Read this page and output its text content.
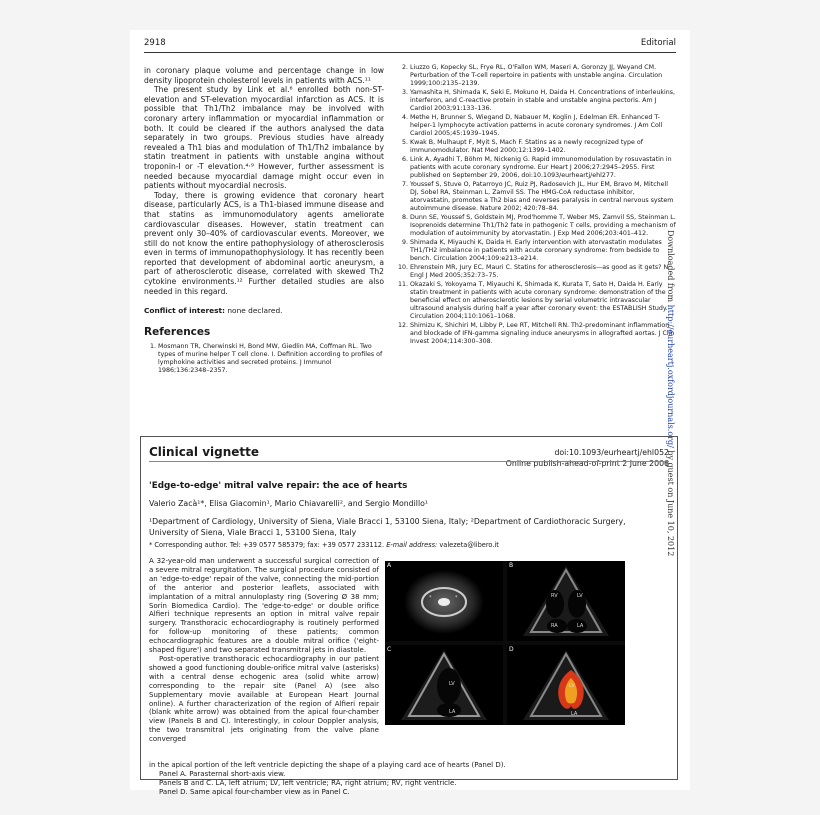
2918	Editorial

in coronary plaque volume and percentage change in low density lipoprotein cholesterol levels in patients with ACS.¹¹

The present study by Link et al.⁶ enrolled both non-ST-elevation and ST-elevation myocardial infarction as ACS. It is possible that Th1/Th2 imbalance may be involved with coronary artery inflammation or myocardial inflammation or both. It could be cleared if the authors analysed the data separately in two groups. Previous studies have already revealed a Th1 bias and modulation of Th1/Th2 imbalance by statin treatment in patients with unstable angina without troponin-I or -T elevation.⁴·⁹ However, further assessment is needed because myocardial damage might occur even in patients without myocardial necrosis.

Today, there is growing evidence that coronary heart disease, particularly ACS, is a Th1-biased immune disease and that statins as immunomodulatory agents ameliorate cardiovascular diseases. However, statin treatment can prevent only 30–40% of cardiovascular events. Moreover, we still do not know the entire pathophysiology of atherosclerosis even in terms of immunopathophysiology. It has recently been reported that development of abdominal aortic aneurysm, a part of atherosclerotic disease, correlated with skewed Th2 cytokine environments.¹² Further detailed studies are also needed in this regard.

Conflict of interest: none declared.
References
1. Mosmann TR, Cherwinski H, Bond MW, Giedlin MA, Coffman RL. Two types of murine helper T cell clone. I. Definition according to profiles of lymphokine activities and secreted proteins. J Immunol 1986;136:2348–2357.
2. Liuzzo G, Kopecky SL, Frye RL, O'Fallon WM, Maseri A, Goronzy JJ, Weyand CM. Perturbation of the T-cell repertoire in patients with unstable angina. Circulation 1999;100:2135–2139.
3. Yamashita H, Shimada K, Seki E, Mokuno H, Daida H. Concentrations of interleukins, interferon, and C-reactive protein in stable and unstable angina pectoris. Am J Cardiol 2003;91:133–136.
4. Methe H, Brunner S, Wiegand D, Nabauer M, Koglin J, Edelman ER. Enhanced T-helper-1 lymphocyte activation patterns in acute coronary syndromes. J Am Coll Cardiol 2005;45:1939–1945.
5. Kwak B, Mulhaupt F, Myit S, Mach F. Statins as a newly recognized type of immunomodulator. Nat Med 2000;12:1399–1402.
6. Link A, Ayadhi T, Böhm M, Nickenig G. Rapid immunomodulation by rosuvastatin in patients with acute coronary syndrome. Eur Heart J 2006;27:2945–2955. First published on September 29, 2006, doi:10.1093/eurheartj/ehl277.
7. Youssef S, Stuve O, Patarroyo JC, Ruiz PJ, Radosevich JL, Hur EM, Bravo M, Mitchell DJ, Sobel RA, Steinman L, Zamvil SS. The HMG-CoA reductase inhibitor, atorvastatin, promotes a Th2 bias and reverses paralysis in central nervous system autoimmune disease. Nature 2002; 420:78–84.
8. Dunn SE, Youssef S, Goldstein MJ, Prod'homme T, Weber MS, Zamvil SS, Steinman L. Isoprenoids determine Th1/Th2 fate in pathogenic T cells, providing a mechanism of modulation of autoimmunity by atorvastatin. J Exp Med 2006;203:401–412.
9. Shimada K, Miyauchi K, Daida H. Early intervention with atorvastatin modulates TH1/TH2 imbalance in patients with acute coronary syndrome: from bedside to bench. Circulation 2004;109:e213–e214.
10. Ehrenstein MR, Jury EC, Mauri C. Statins for atherosclerosis—as good as it gets? N Engl J Med 2005;352:73–75.
11. Okazaki S, Yokoyama T, Miyauchi K, Shimada K, Kurata T, Sato H, Daida H. Early statin treatment in patients with acute coronary syndrome: demonstration of the beneficial effect on atherosclerotic lesions by serial volumetric intravascular ultrasound analysis during half a year after coronary event: the ESTABLISH Study. Circulation 2004;110:1061–1068.
12. Shimizu K, Shichiri M, Libby P, Lee RT, Mitchell RN. Th2-predominant inflammation and blockade of IFN-gamma signaling induce aneurysms in allografted aortas. J Clin Invest 2004;114:300–308.
Downloaded from http://eurheartj.oxfordjournals.org/ by guest on June 10, 2012
Clinical vignette	doi:10.1093/eurheartj/ehl052
Online publish-ahead-of-print 2 June 2006
'Edge-to-edge' mitral valve repair: the ace of hearts
Valerio Zacà¹*, Elisa Giacomin¹, Mario Chiavarelli², and Sergio Mondillo¹
¹Department of Cardiology, University of Siena, Viale Bracci 1, 53100 Siena, Italy; ²Department of Cardiothoracic Surgery, University of Siena, Viale Bracci 1, 53100 Siena, Italy
* Corresponding author. Tel: +39 0577 585379; fax: +39 0577 233112. E-mail address: valezeta@libero.it

A 32-year-old man underwent a successful surgical correction of a severe mitral regurgitation. The surgical procedure consisted of an 'edge-to-edge' repair of the valve, connecting the mid-portion of the anterior and posterior leaflets, associated with implantation of a mitral annuloplasty ring (Sovering Ø 38 mm; Sorin Biomedica Cardio). The 'edge-to-edge' or double orifice Alfieri technique represents an option in mitral valve repair surgery. Transthoracic echocardiography is routinely performed for follow-up monitoring of these patients; common echocardiographic features are a double mitral orifice ('eight-shaped figure') and two separated transmitral jets in diastole.

Post-operative transthoracic echocardiography in our patient showed a good functioning double-orifice mitral valve (asterisks) with a central dense echogenic area (solid white arrow) corresponding to the repair site (Panel A) (see also Supplementary movie available at European Heart Journal online). A further characterization of the region of Alfieri repair (blank white arrow) was obtained from the apical four-chamber view (Panels B and C). Interestingly, in colour Doppler analysis, the two transmitral jets originating from the valve plane converged

A
*	*
B
RV	LV
RA	LA
C
LV
LA
D
LV
LA

in the apical portion of the left ventricle depicting the shape of a playing card ace of hearts (Panel D).

Panel A. Parasternal short-axis view.

Panels B and C. LA, left atrium; LV, left ventricle; RA, right atrium; RV, right ventricle.

Panel D. Same apical four-chamber view as in Panel C.
